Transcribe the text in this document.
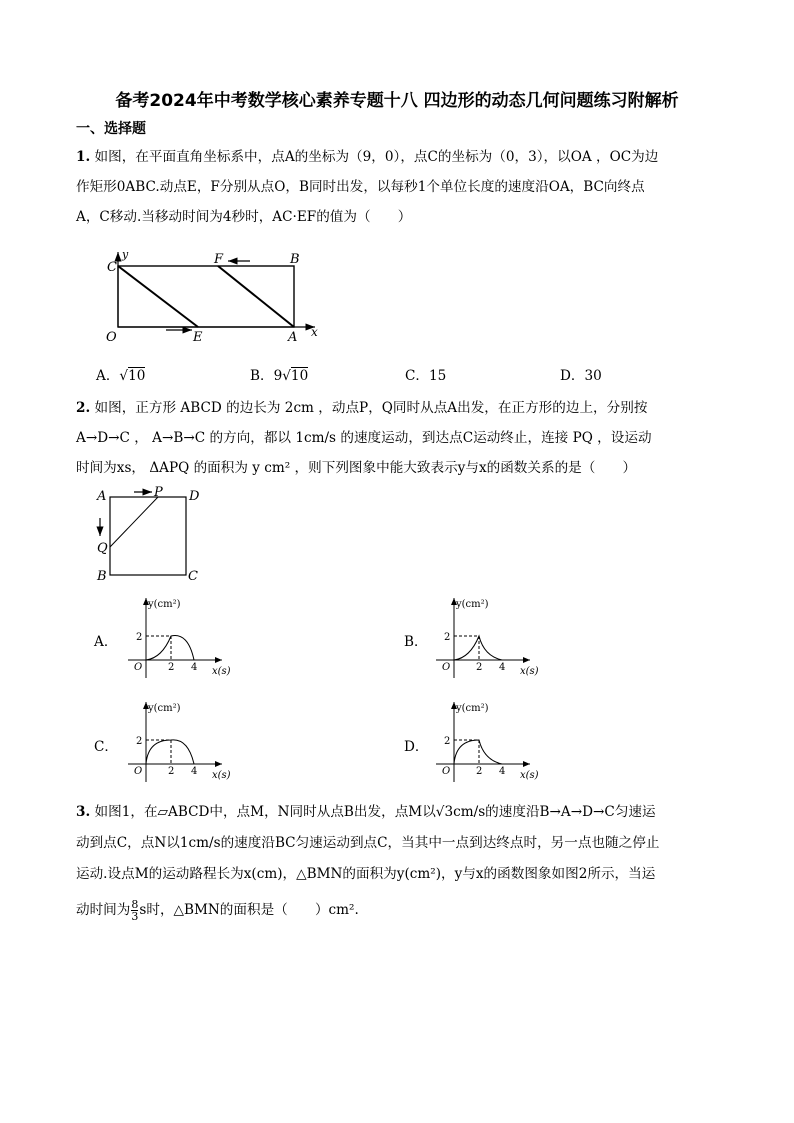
备考2024年中考数学核心素养专题十八 四边形的动态几何问题练习附解析
一、选择题
1. 如图，在平面直角坐标系中，点A的坐标为（9，0），点C的坐标为（0，3），以OA ，OC为边
作矩形0ABC.动点E，F分别从点O，B同时出发，以每秒1个单位长度的速度沿OA，BC向终点
A，C移动.当移动时间为4秒时，AC·EF的值为（　　）
C
y	F	B
O	E	A x
A．√10	B．9√10	C．15	D．30
2. 如图，正方形 ABCD 的边长为 2cm ，动点P，Q同时从点A出发，在正方形的边上，分别按
A→D→C ， A→B→C 的方向，都以 1cm/s 的速度运动，到达点C运动终止，连接 PQ ，设运动
时间为xs， ΔAPQ 的面积为 y cm² ，则下列图象中能大致表示y与x的函数关系的是（　　）
A	P D
Q
B	C
A．	B．
C．	D．
y(cm²)
2
O	2 4 x(s)
y(cm²)
2
O	2 4 x(s)
y(cm²)
2
O	2 4 x(s)
y(cm²)
2
O	2 4 x(s)
3. 如图1，在▱ABCD中，点M，N同时从点B出发，点M以√3cm/s的速度沿B→A→D→C匀速运
动到点C，点N以1cm/s的速度沿BC匀速运动到点C，当其中一点到达终点时，另一点也随之停止
运动.设点M的运动路程长为x(cm)，△BMN的面积为y(cm²)，y与x的函数图象如图2所示，当运
动时间为 $\frac{8}{3}$ s时，△BMN的面积是（　　）cm².
